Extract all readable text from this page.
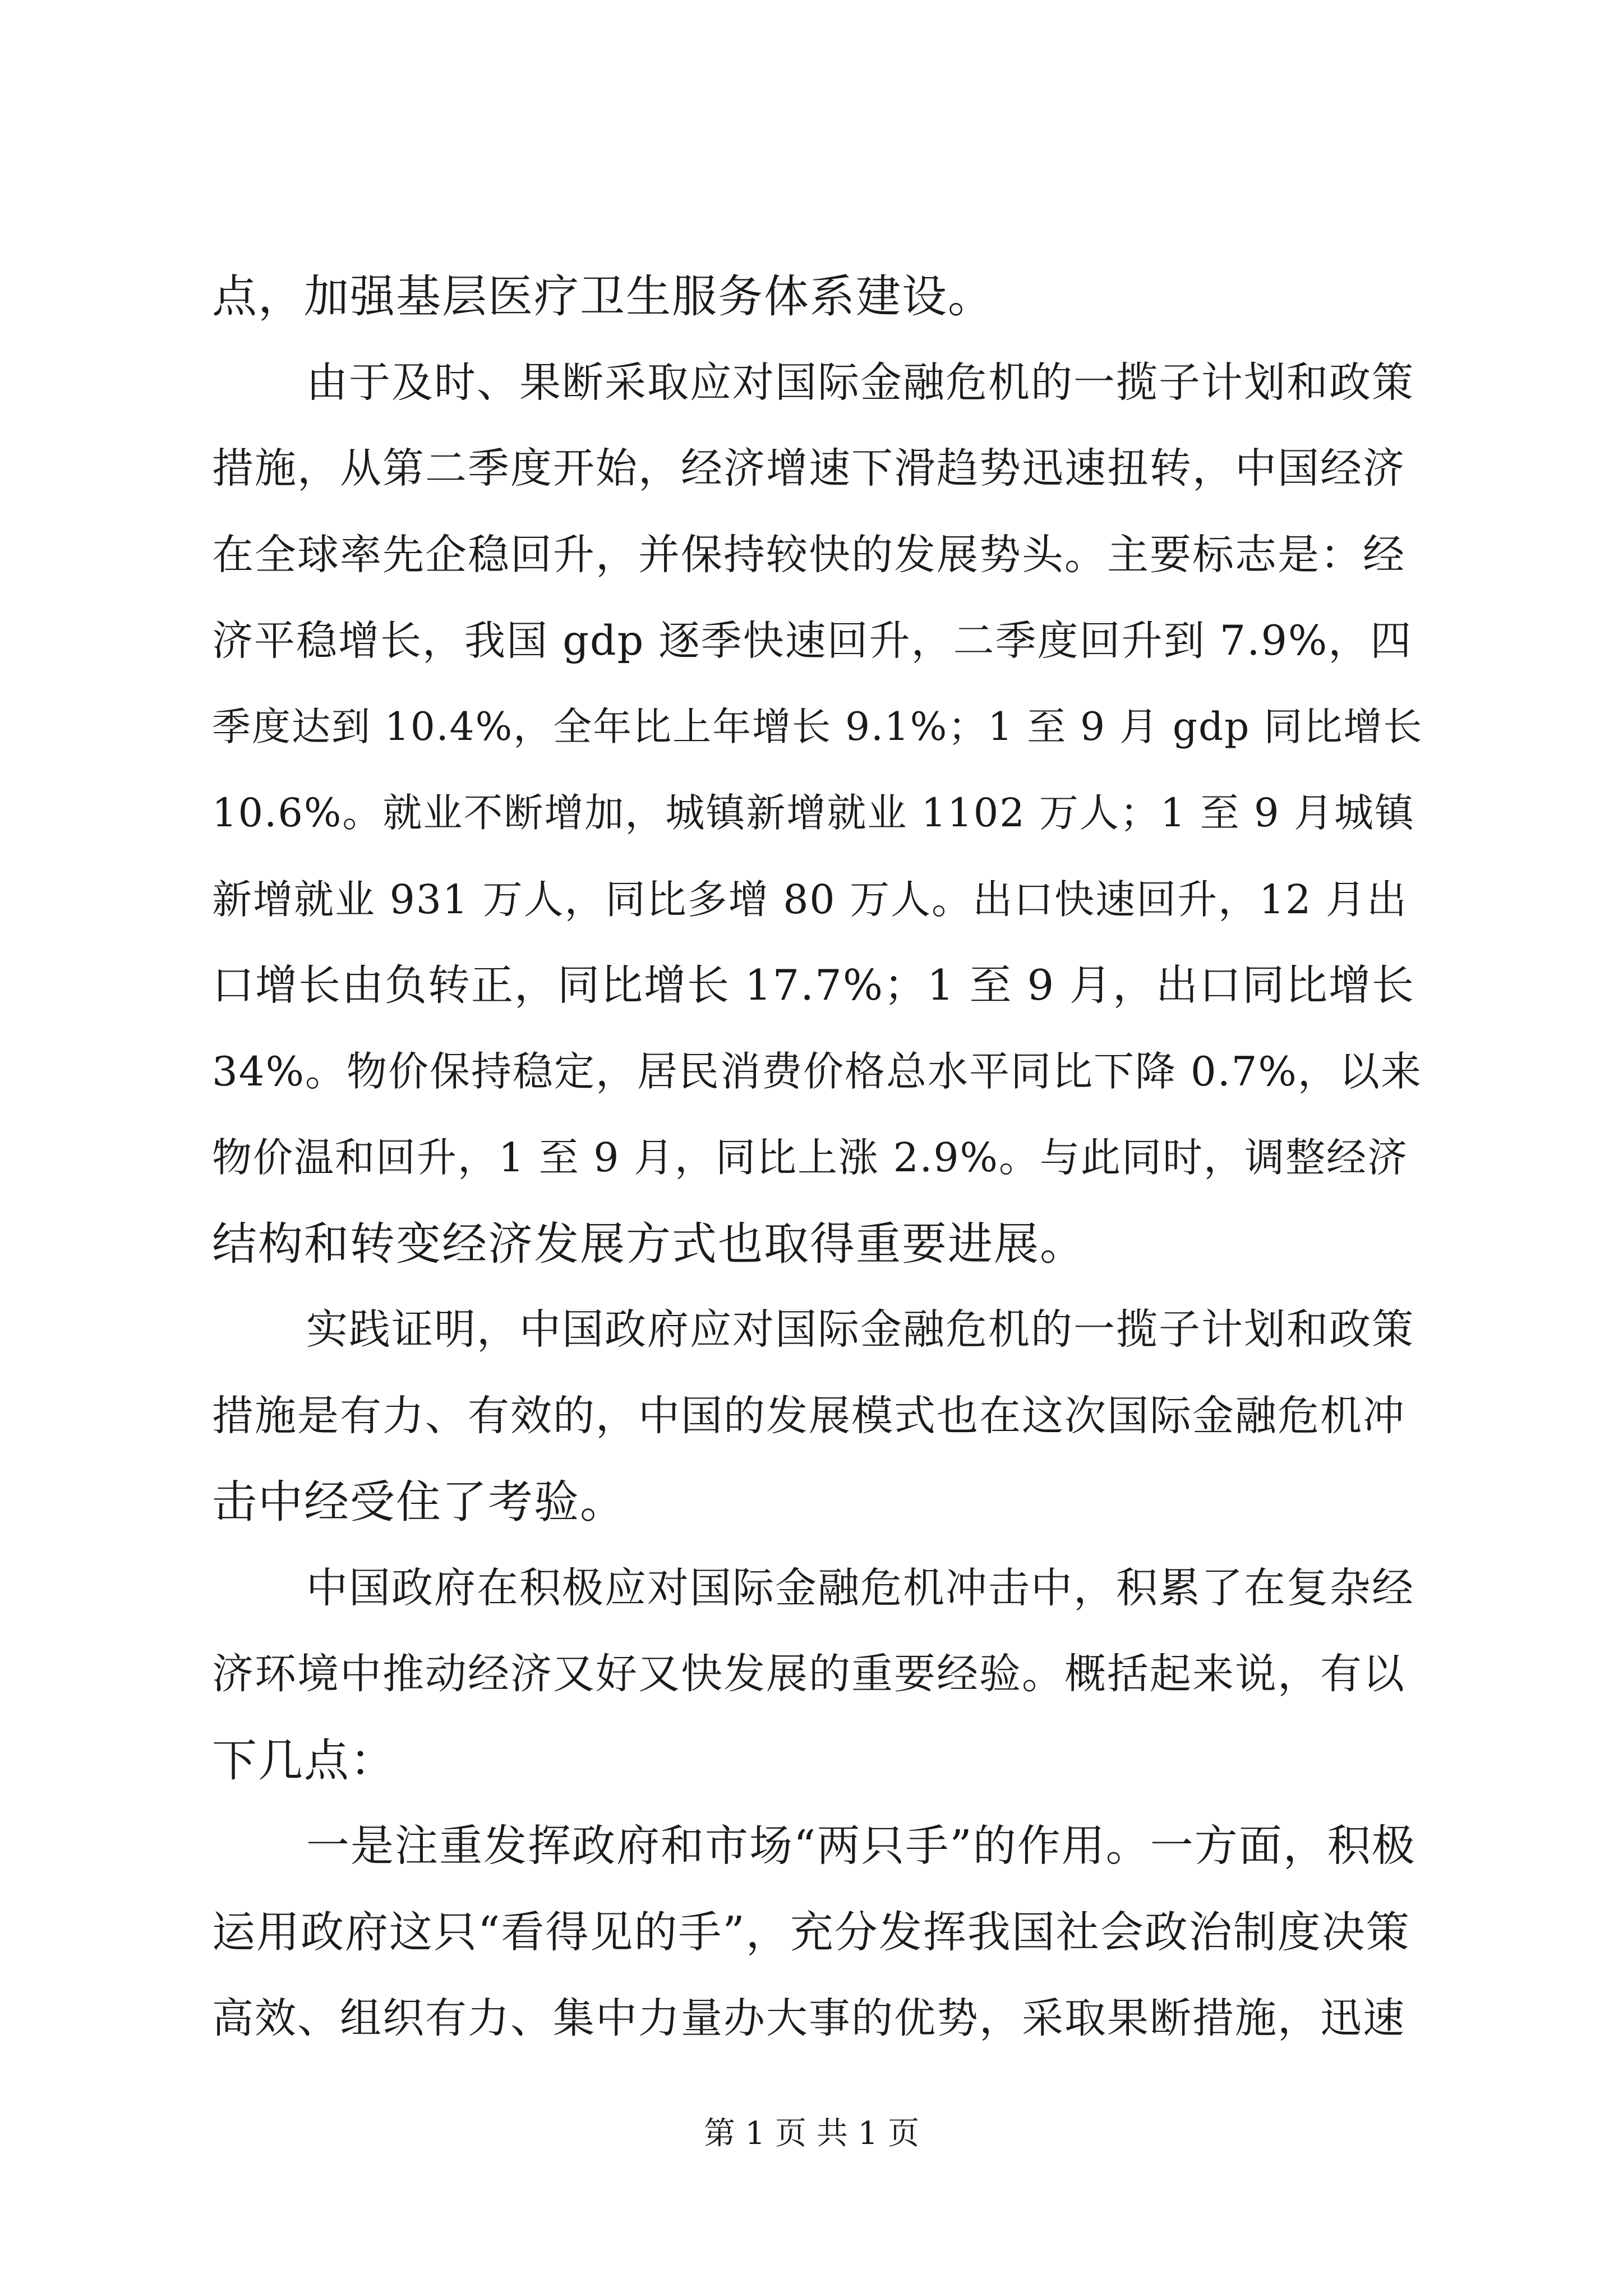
点，加强基层医疗卫生服务体系建设。
由于及时、果断采取应对国际金融危机的一揽子计划和政策
措施，从第二季度开始，经济增速下滑趋势迅速扭转，中国经济
在全球率先企稳回升，并保持较快的发展势头。主要标志是：经
济平稳增长，我国 gdp 逐季快速回升，二季度回升到 7.9%，四
季度达到 10.4%，全年比上年增长 9.1%；1 至 9 月 gdp 同比增长
10.6%。就业不断增加，城镇新增就业 1102 万人；1 至 9 月城镇
新增就业 931 万人，同比多增 80 万人。出口快速回升，12 月出
口增长由负转正，同比增长 17.7%；1 至 9 月，出口同比增长
34%。物价保持稳定，居民消费价格总水平同比下降 0.7%，以来
物价温和回升，1 至 9 月，同比上涨 2.9%。与此同时，调整经济
结构和转变经济发展方式也取得重要进展。
实践证明，中国政府应对国际金融危机的一揽子计划和政策
措施是有力、有效的，中国的发展模式也在这次国际金融危机冲
击中经受住了考验。
中国政府在积极应对国际金融危机冲击中，积累了在复杂经
济环境中推动经济又好又快发展的重要经验。概括起来说，有以
下几点：
一是注重发挥政府和市场“两只手”的作用。一方面，积极
运用政府这只“看得见的手”，充分发挥我国社会政治制度决策
高效、组织有力、集中力量办大事的优势，采取果断措施，迅速
第 1 页 共 1 页
